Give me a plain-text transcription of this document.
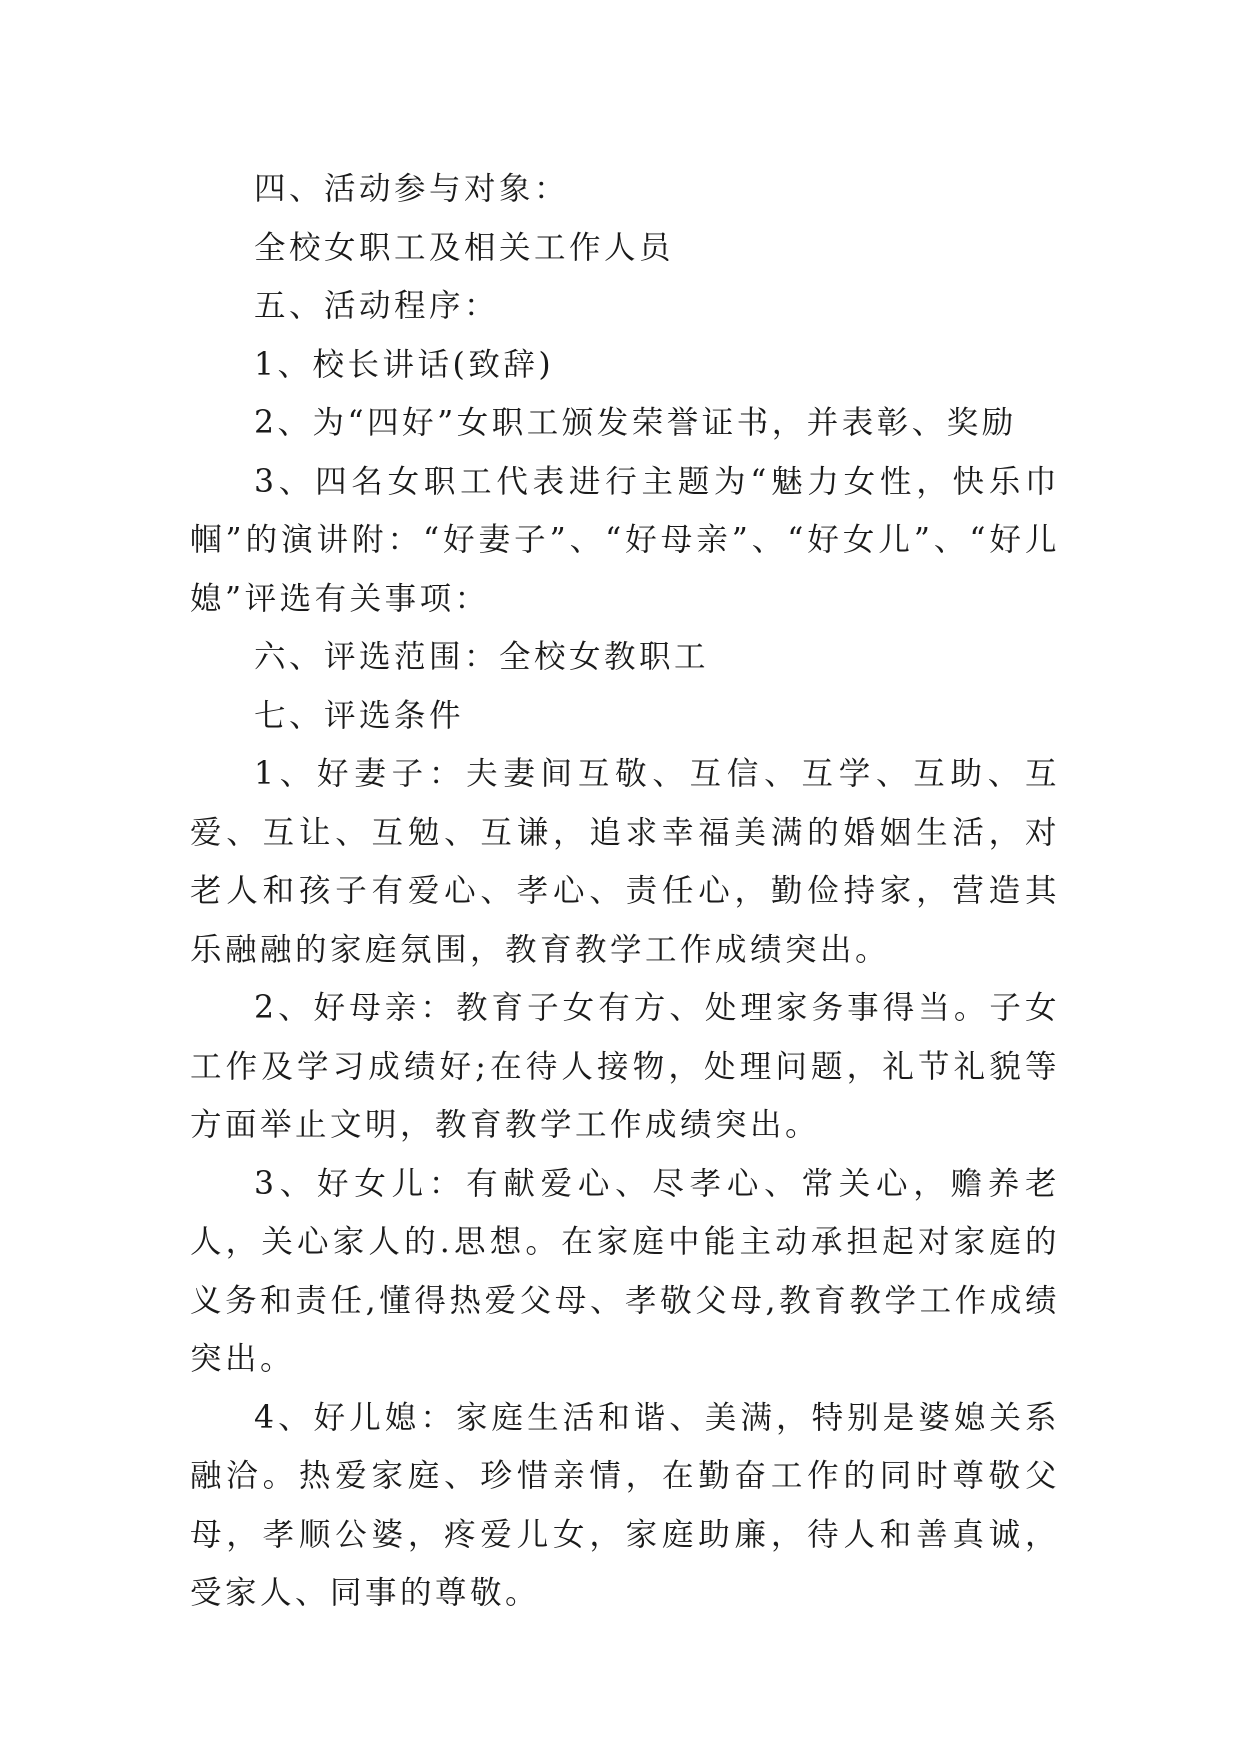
四、活动参与对象：

全校女职工及相关工作人员

五、活动程序：

1、校长讲话(致辞)

2、为“四好”女职工颁发荣誉证书，并表彰、奖励

3、四名女职工代表进行主题为“魅力女性，快乐巾帼”的演讲附：“好妻子”、“好母亲”、“好女儿”、“好儿媳”评选有关事项：

六、评选范围：全校女教职工

七、评选条件

1、好妻子：夫妻间互敬、互信、互学、互助、互爱、互让、互勉、互谦，追求幸福美满的婚姻生活，对老人和孩子有爱心、孝心、责任心，勤俭持家，营造其乐融融的家庭氛围，教育教学工作成绩突出。

2、好母亲：教育子女有方、处理家务事得当。子女工作及学习成绩好;在待人接物，处理问题，礼节礼貌等方面举止文明，教育教学工作成绩突出。

3、好女儿：有献爱心、尽孝心、常关心，赡养老人，关心家人的.思想。在家庭中能主动承担起对家庭的义务和责任,懂得热爱父母、孝敬父母,教育教学工作成绩突出。

4、好儿媳：家庭生活和谐、美满，特别是婆媳关系融洽。热爱家庭、珍惜亲情，在勤奋工作的同时尊敬父母，孝顺公婆，疼爱儿女，家庭助廉，待人和善真诚，受家人、同事的尊敬。
